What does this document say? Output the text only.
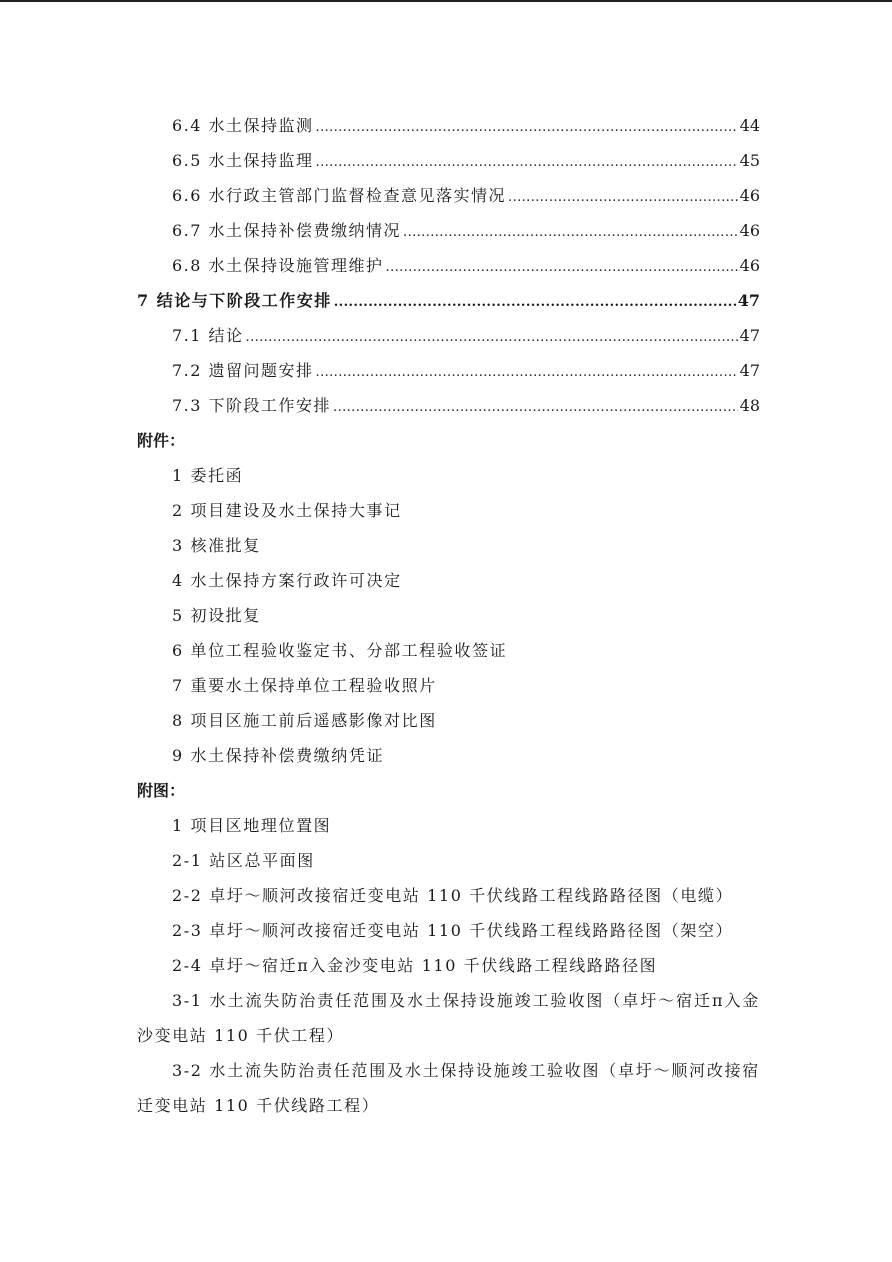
6.4 水土保持监测 .....	44
6.5 水土保持监理 .....	45
6.6 水行政主管部门监督检查意见落实情况 .....	46
6.7 水土保持补偿费缴纳情况 .....	46
6.8 水土保持设施管理维护 .....	46
7 结论与下阶段工作安排 .....	47
7.1 结论 .....	47
7.2 遗留问题安排 .....	47
7.3 下阶段工作安排 .....	48
附件：
1 委托函
2 项目建设及水土保持大事记
3 核准批复
4 水土保持方案行政许可决定
5 初设批复
6 单位工程验收鉴定书、分部工程验收签证
7 重要水土保持单位工程验收照片
8 项目区施工前后遥感影像对比图
9 水土保持补偿费缴纳凭证
附图：
1 项目区地理位置图
2-1 站区总平面图
2-2 卓圩～顺河改接宿迁变电站 110 千伏线路工程线路路径图（电缆）
2-3 卓圩～顺河改接宿迁变电站 110 千伏线路工程线路路径图（架空）
2-4 卓圩～宿迁π入金沙变电站 110 千伏线路工程线路路径图
3-1 水土流失防治责任范围及水土保持设施竣工验收图（卓圩～宿迁π入金沙变电站 110 千伏工程）
3-2 水土流失防治责任范围及水土保持设施竣工验收图（卓圩～顺河改接宿迁变电站 110 千伏线路工程）
